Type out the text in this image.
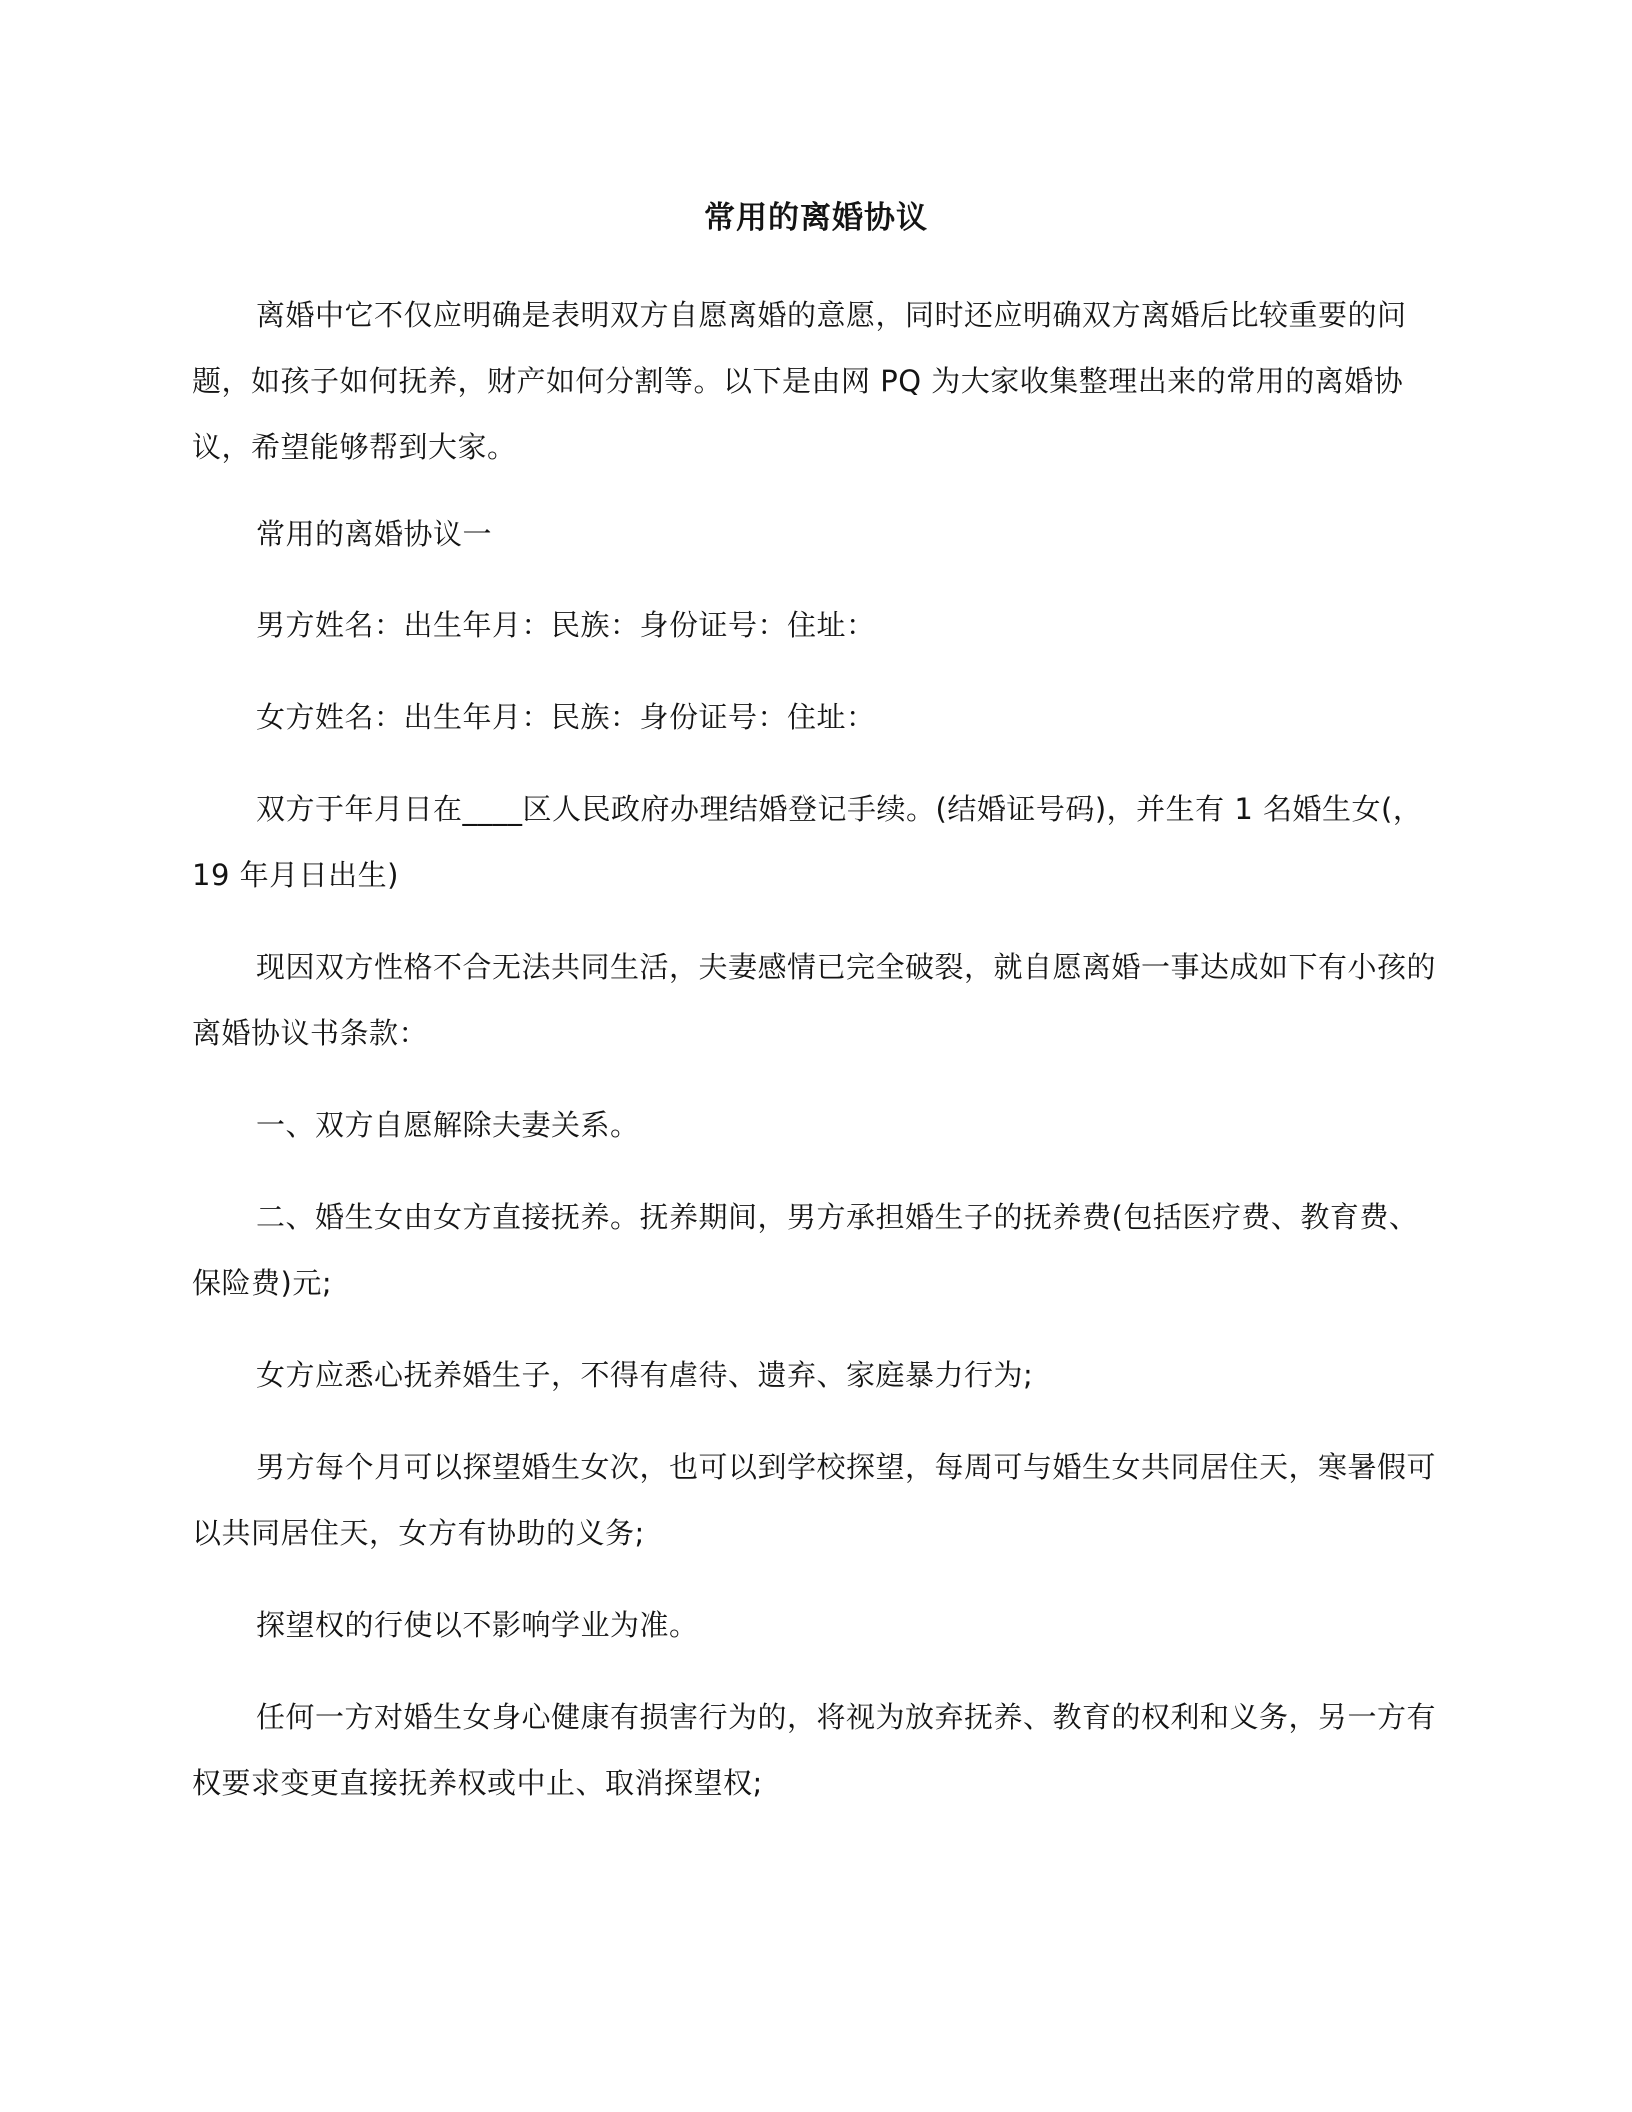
常用的离婚协议

离婚中它不仅应明确是表明双方自愿离婚的意愿，同时还应明确双方离婚后比较重要的问题，如孩子如何抚养，财产如何分割等。以下是由网 PQ 为大家收集整理出来的常用的离婚协议，希望能够帮到大家。

常用的离婚协议一

男方姓名：出生年月：民族：身份证号：住址：

女方姓名：出生年月：民族：身份证号：住址：

双方于年月日在____区人民政府办理结婚登记手续。(结婚证号码)，并生有 1 名婚生女(，19 年月日出生)

现因双方性格不合无法共同生活，夫妻感情已完全破裂，就自愿离婚一事达成如下有小孩的离婚协议书条款：

一、双方自愿解除夫妻关系。

二、婚生女由女方直接抚养。抚养期间，男方承担婚生子的抚养费(包括医疗费、教育费、保险费)元;

女方应悉心抚养婚生子，不得有虐待、遗弃、家庭暴力行为;

男方每个月可以探望婚生女次，也可以到学校探望，每周可与婚生女共同居住天，寒暑假可以共同居住天，女方有协助的义务;

探望权的行使以不影响学业为准。

任何一方对婚生女身心健康有损害行为的，将视为放弃抚养、教育的权利和义务，另一方有权要求变更直接抚养权或中止、取消探望权;
